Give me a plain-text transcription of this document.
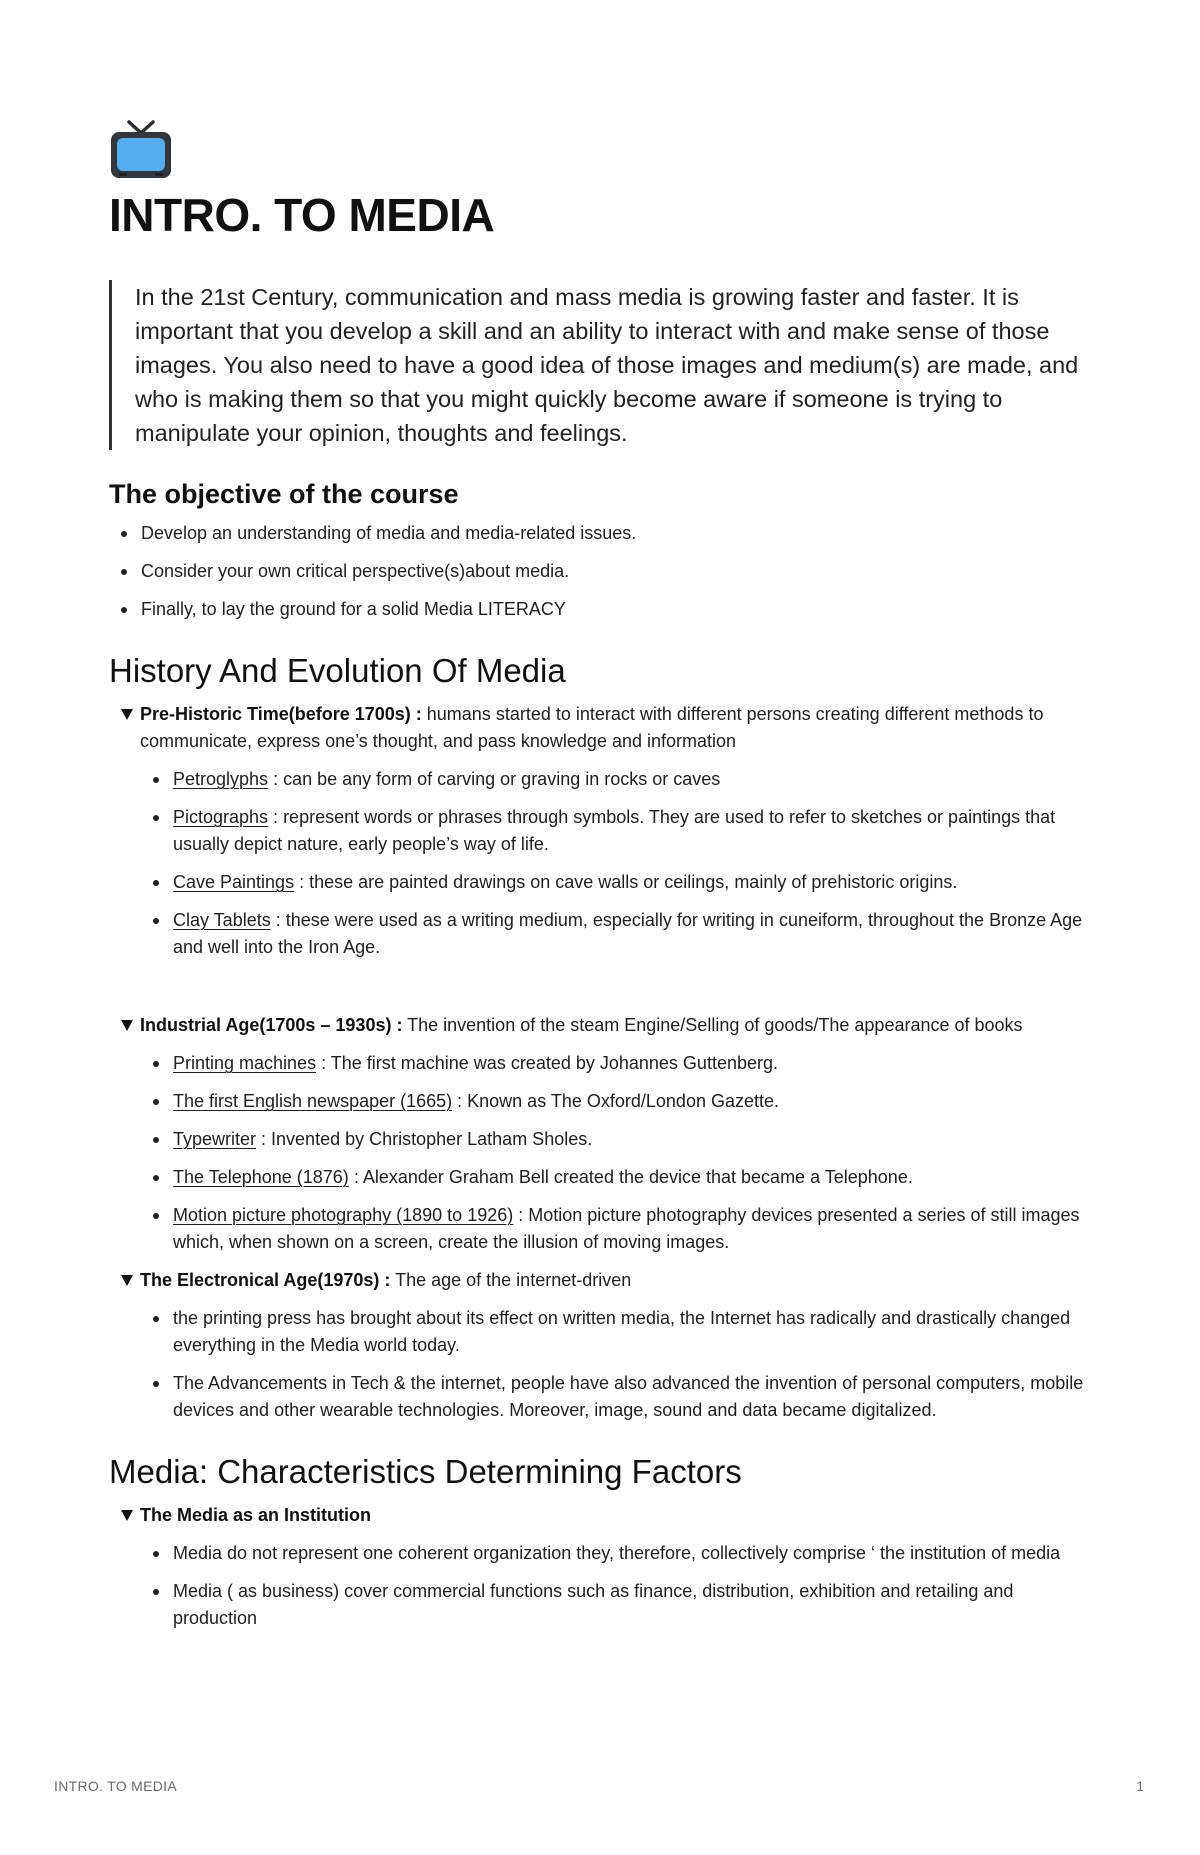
INTRO. TO MEDIA
In the 21st Century, communication and mass media is growing faster and faster. It is important that you develop a skill and an ability to interact with and make sense of those images. You also need to have a good idea of those images and medium(s) are made, and who is making them so that you might quickly become aware if someone is trying to manipulate your opinion, thoughts and feelings.
The objective of the course
Develop an understanding of media and media-related issues.
Consider your own critical perspective(s)about media.
Finally, to lay the ground for a solid Media LITERACY
History And Evolution Of Media
Pre-Historic Time(before 1700s) : humans started to interact with different persons creating different methods to communicate, express one’s thought, and pass knowledge and information
Petroglyphs : can be any form of carving or graving in rocks or caves
Pictographs : represent words or phrases through symbols. They are used to refer to sketches or paintings that usually depict nature, early people’s way of life.
Cave Paintings : these are painted drawings on cave walls or ceilings, mainly of prehistoric origins.
Clay Tablets : these were used as a writing medium, especially for writing in cuneiform, throughout the Bronze Age and well into the Iron Age.
Industrial Age(1700s – 1930s) : The invention of the steam Engine/Selling of goods/The appearance of books
Printing machines : The first machine was created by Johannes Guttenberg.
The first English newspaper (1665) : Known as The Oxford/London Gazette.
Typewriter : Invented by Christopher Latham Sholes.
The Telephone (1876) : Alexander Graham Bell created the device that became a Telephone.
Motion picture photography (1890 to 1926) : Motion picture photography devices presented a series of still images which, when shown on a screen, create the illusion of moving images.
The Electronical Age(1970s) : The age of the internet-driven
the printing press has brought about its effect on written media, the Internet has radically and drastically changed everything in the Media world today.
The Advancements in Tech & the internet, people have also advanced the invention of personal computers, mobile devices and other wearable technologies. Moreover, image, sound and data became digitalized.
Media: Characteristics Determining Factors
The Media as an Institution
Media do not represent one coherent organization they, therefore, collectively comprise ‘ the institution of media
Media ( as business) cover commercial functions such as finance, distribution, exhibition and retailing and production
INTRO. TO MEDIA	1
